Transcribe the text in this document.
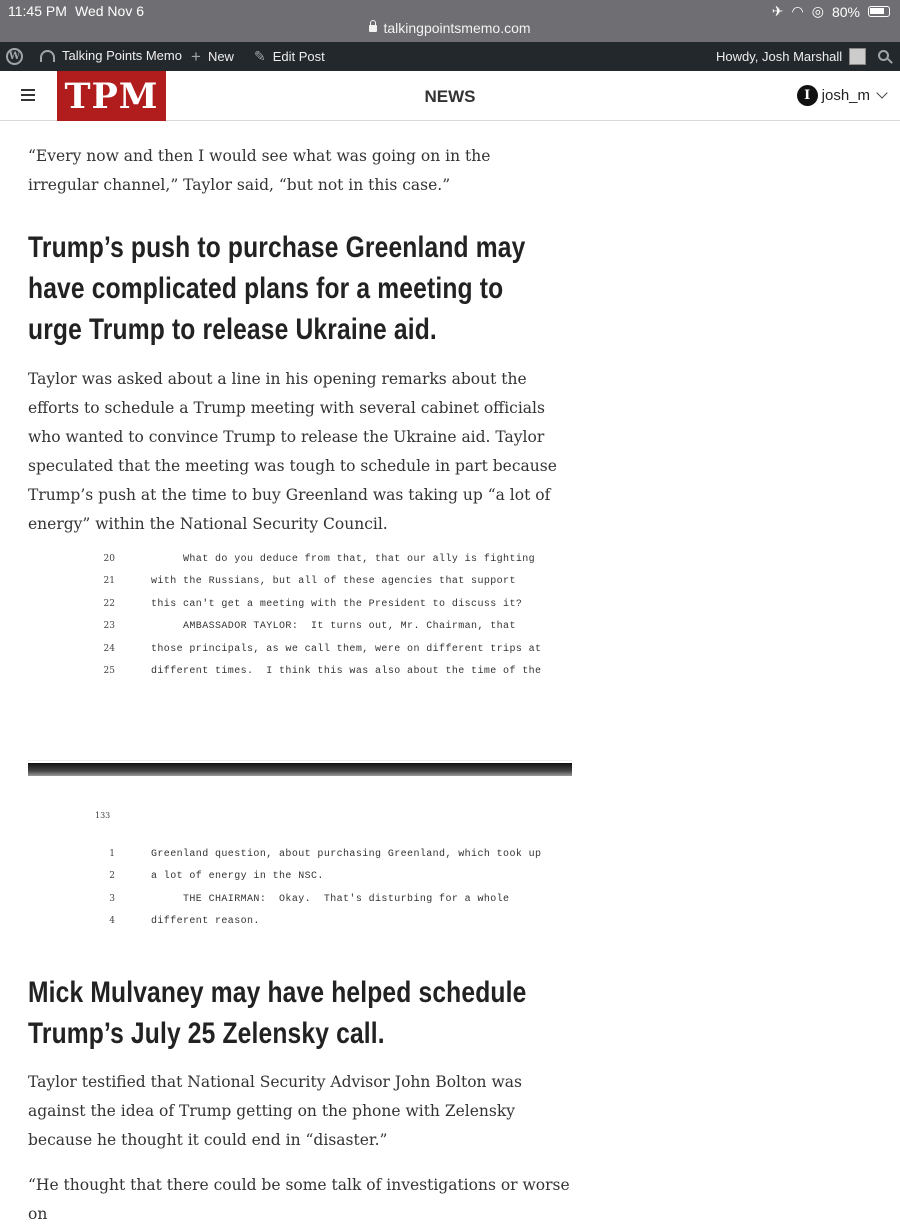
11:45 PM Wed Nov 6	✈ ◠ ◎ 80%
talkingpointsmemo.com
W	Talking Points Memo + New ✎ Edit Post	Howdy, Josh Marshall
TPM	NEWS	I josh_m

“Every now and then I would see what was going on in the irregular channel,” Taylor said, “but not in this case.”

Trump’s push to purchase Greenland may have complicated plans for a meeting to urge Trump to release Ukraine aid.

Taylor was asked about a line in his opening remarks about the efforts to schedule a Trump meeting with several cabinet officials who wanted to convince Trump to release the Ukraine aid. Taylor speculated that the meeting was tough to schedule in part because Trump’s push at the time to buy Greenland was taking up “a lot of energy” within the National Security Council.

20	What do you deduce from that, that our ally is fighting
21	with the Russians, but all of these agencies that support
22	this can't get a meeting with the President to discuss it?
23	AMBASSADOR TAYLOR:  It turns out, Mr. Chairman, that
24	those principals, as we call them, were on different trips at
25	different times.  I think this was also about the time of the
133
1	Greenland question, about purchasing Greenland, which took up
2	a lot of energy in the NSC.
3	THE CHAIRMAN:  Okay.  That's disturbing for a whole
4	different reason.
Mick Mulvaney may have helped schedule Trump’s July 25 Zelensky call.

Taylor testified that National Security Advisor John Bolton was against the idea of Trump getting on the phone with Zelensky because he thought it could end in “disaster.”

“He thought that there could be some talk of investigations or worse on
